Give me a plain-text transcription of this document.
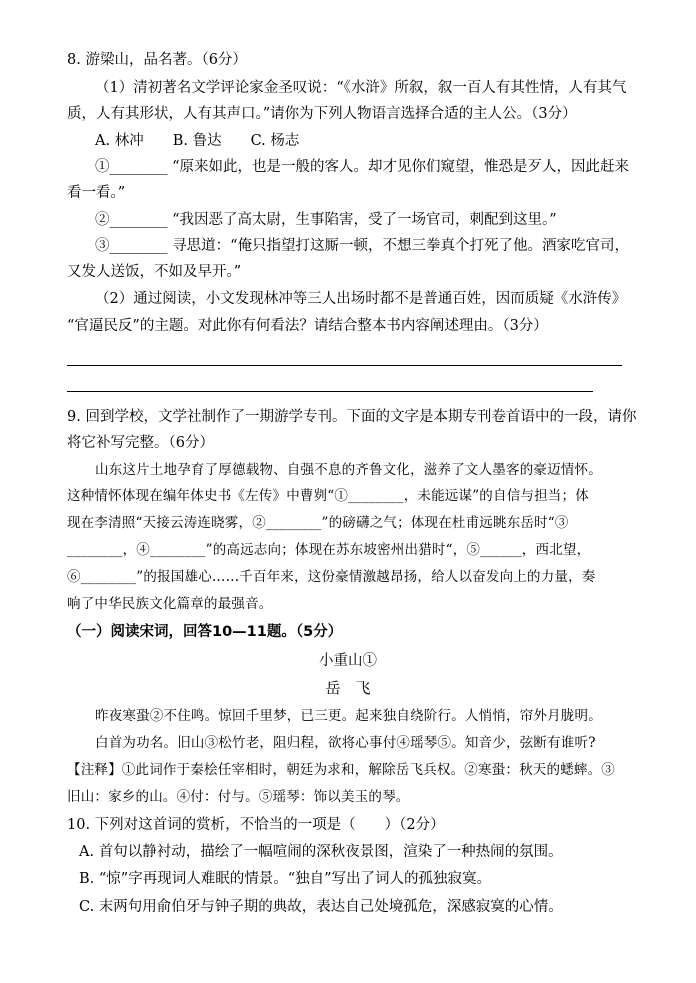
8. 游梁山，品名著。（6分）
（1）清初著名文学评论家金圣叹说：“《水浒》所叙，叙一百人有其性情，人有其气
质，人有其形状，人有其声口。”请你为下列人物语言选择合适的主人公。（3分）
A. 林冲　　B. 鲁达　　C. 杨志
①________ “原来如此，也是一般的客人。却才见你们窥望，惟恐是歹人，因此赶来
看一看。”
②________ “我因恶了高太尉，生事陷害，受了一场官司，刺配到这里。”
③________ 寻思道：“俺只指望打这厮一顿，不想三拳真个打死了他。酒家吃官司，
又发人送饭，不如及早开。”
（2）通过阅读，小文发现林冲等三人出场时都不是普通百姓，因而质疑《水浒传》
“官逼民反”的主题。对此你有何看法？请结合整本书内容阐述理由。（3分）
9. 回到学校，文学社制作了一期游学专刊。下面的文字是本期专刊卷首语中的一段，请你
将它补写完整。（6分）
山东这片土地孕育了厚德载物、自强不息的齐鲁文化，滋养了文人墨客的豪迈情怀。
这种情怀体现在编年体史书《左传》中曹刿“①________，未能远谋”的自信与担当；体
现在李清照“天接云涛连晓雾，②________”的磅礴之气；体现在杜甫远眺东岳时“③
________，④________”的高远志向；体现在苏东坡密州出猎时“，⑤______，西北望，
⑥________”的报国雄心……千百年来，这份豪情激越昂扬，给人以奋发向上的力量，奏
响了中华民族文化篇章的最强音。
（一）阅读宋词，回答10—11题。（5分）
小重山①
岳　飞
昨夜寒蛩②不住鸣。惊回千里梦，已三更。起来独自绕阶行。人悄悄，帘外月胧明。
白首为功名。旧山③松竹老，阻归程，欲将心事付④瑶琴⑤。知音少，弦断有谁听?
【注释】①此词作于秦桧任宰相时，朝廷为求和，解除岳飞兵权。②寒蛩：秋天的蟋蟀。③
旧山：家乡的山。④付：付与。⑤瑶琴：饰以美玉的琴。
10. 下列对这首词的赏析，不恰当的一项是（　　）（2分）
A. 首句以静衬动，描绘了一幅喧闹的深秋夜景图，渲染了一种热闹的氛围。
B. “惊”字再现词人难眠的情景。“独自”写出了词人的孤独寂寞。
C. 末两句用俞伯牙与钟子期的典故，表达自己处境孤危，深感寂寞的心情。
